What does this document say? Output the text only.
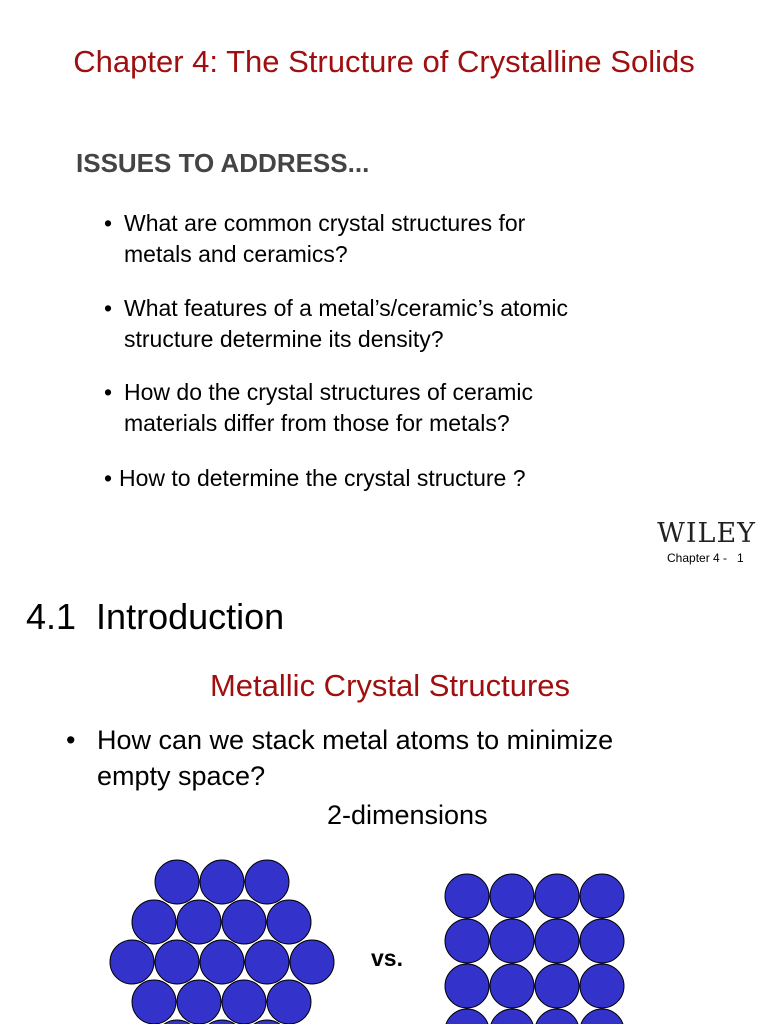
Chapter 4: The Structure of Crystalline Solids
ISSUES TO ADDRESS...
• What are common crystal structures for
metals and ceramics?
• What features of a metal’s/ceramic’s atomic
structure determine its density?
• How do the crystal structures of ceramic
materials differ from those for metals?
• How to determine the crystal structure ?
WILEY
Chapter 4 -   1
4.1  Introduction
Metallic Crystal Structures
• How can we stack metal atoms to minimize
empty space?
2-dimensions
vs.
